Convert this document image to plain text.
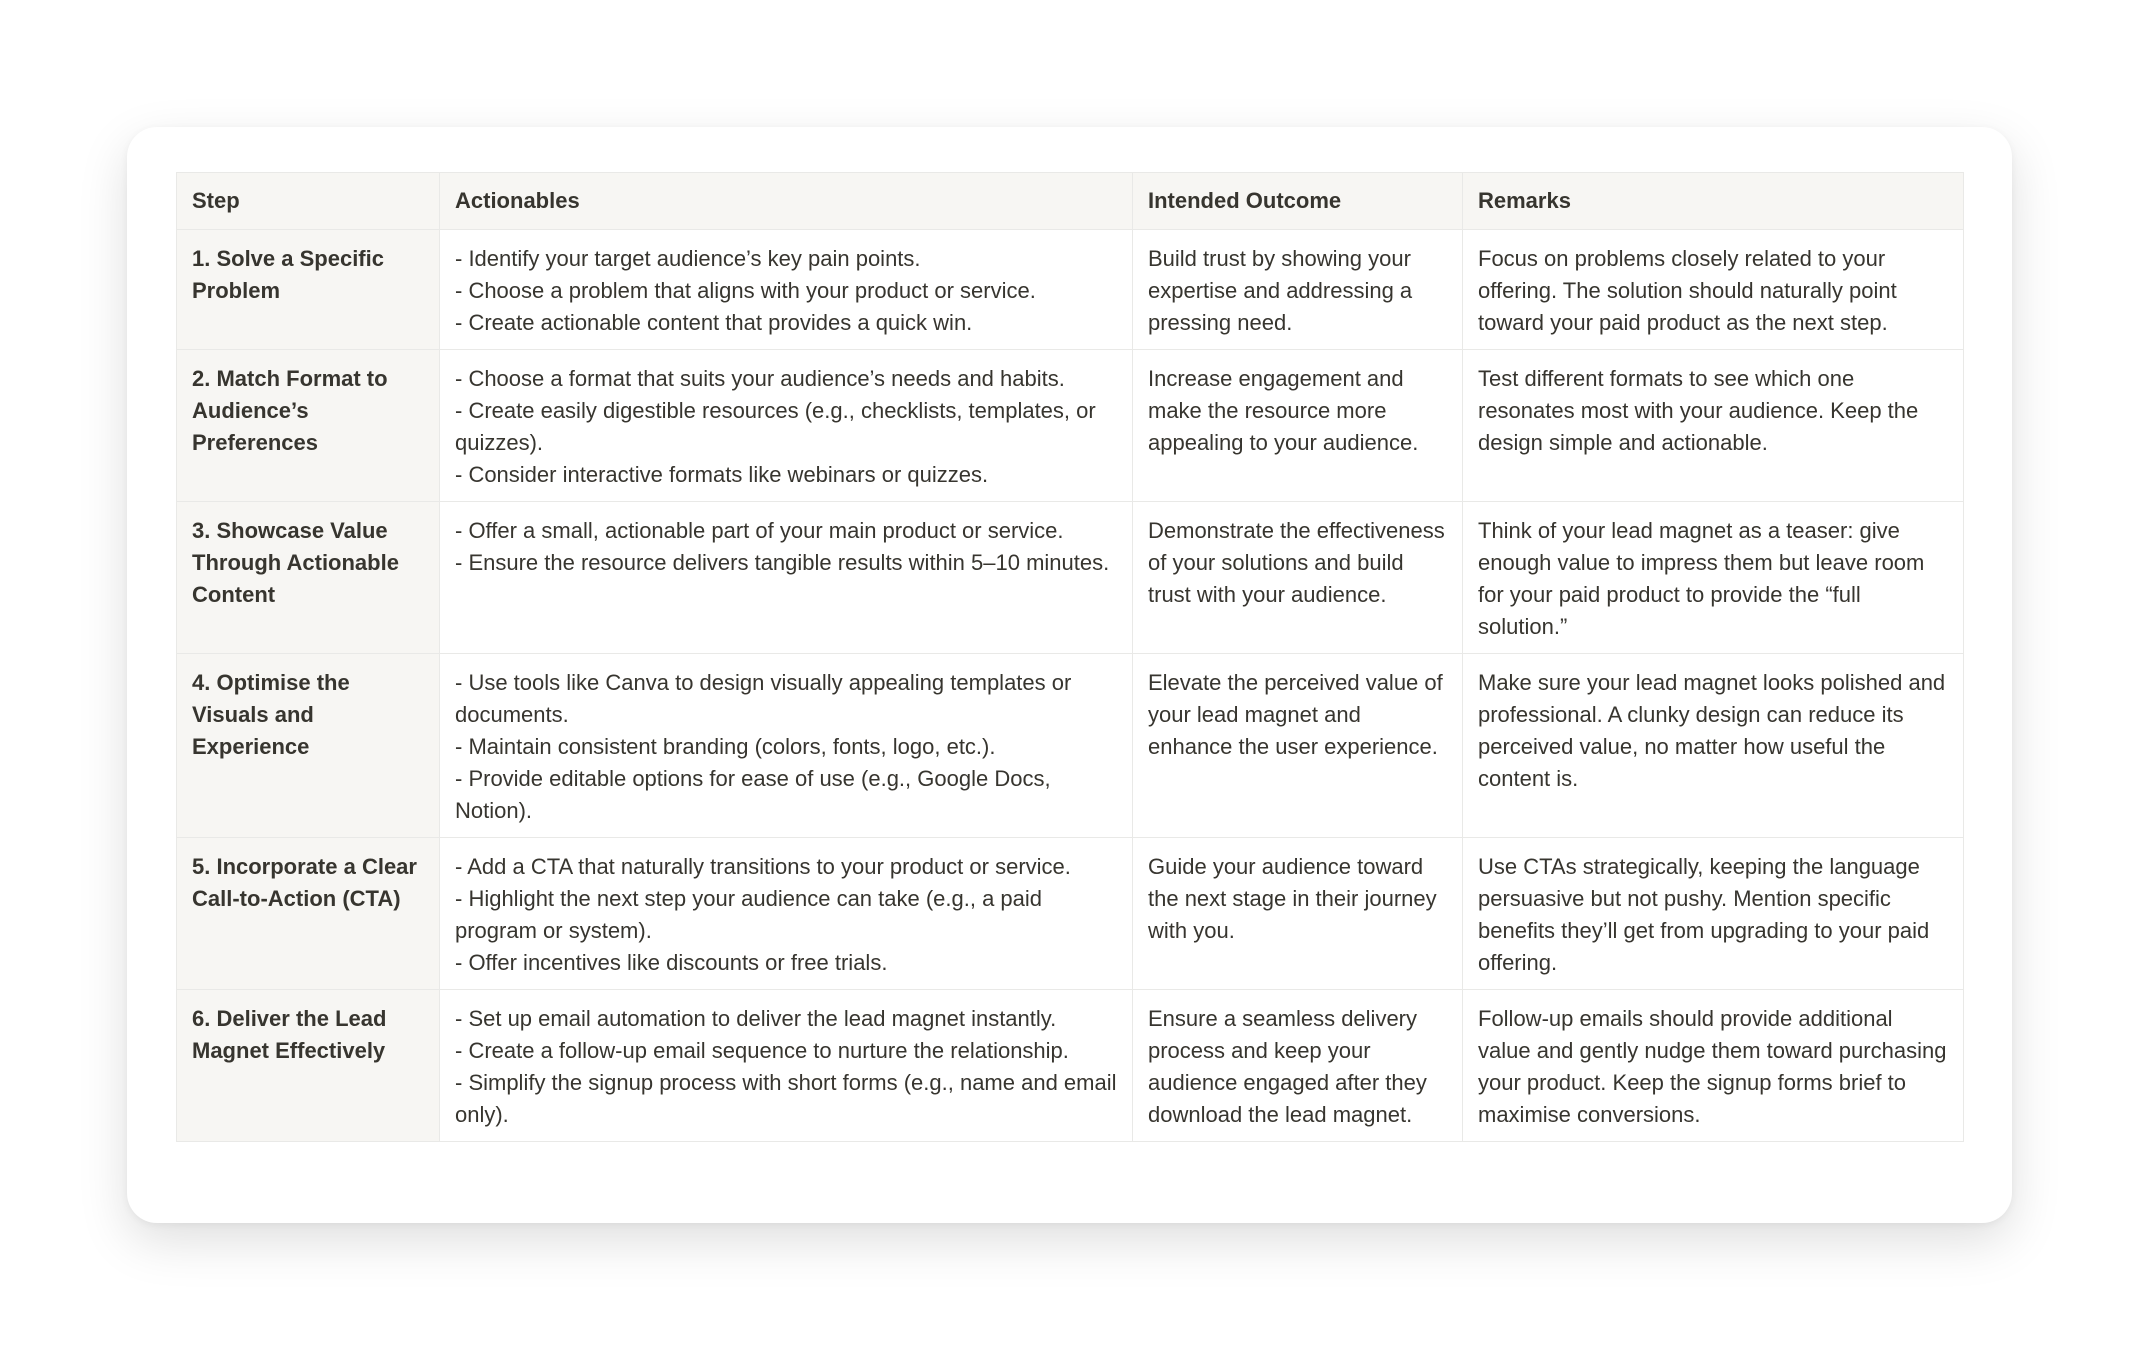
Step	Actionables	Intended Outcome	Remarks
1. Solve a Specific Problem	- Identify your target audience’s key pain points.
- Choose a problem that aligns with your product or service.
- Create actionable content that provides a quick win.	Build trust by showing your expertise and addressing a pressing need.	Focus on problems closely related to your offering. The solution should naturally point toward your paid product as the next step.
2. Match Format to Audience’s Preferences	- Choose a format that suits your audience’s needs and habits.
- Create easily digestible resources (e.g., checklists, templates, or quizzes).
- Consider interactive formats like webinars or quizzes.	Increase engagement and make the resource more appealing to your audience.	Test different formats to see which one resonates most with your audience. Keep the design simple and actionable.
3. Showcase Value Through Actionable Content	- Offer a small, actionable part of your main product or service.
- Ensure the resource delivers tangible results within 5–10 minutes.	Demonstrate the effectiveness of your solutions and build trust with your audience.	Think of your lead magnet as a teaser: give enough value to impress them but leave room for your paid product to provide the “full solution.”
4. Optimise the Visuals and Experience	- Use tools like Canva to design visually appealing templates or documents.
- Maintain consistent branding (colors, fonts, logo, etc.).
- Provide editable options for ease of use (e.g., Google Docs, Notion).	Elevate the perceived value of your lead magnet and enhance the user experience.	Make sure your lead magnet looks polished and professional. A clunky design can reduce its perceived value, no matter how useful the content is.
5. Incorporate a Clear Call-to-Action (CTA)	- Add a CTA that naturally transitions to your product or service.
- Highlight the next step your audience can take (e.g., a paid program or system).
- Offer incentives like discounts or free trials.	Guide your audience toward the next stage in their journey with you.	Use CTAs strategically, keeping the language persuasive but not pushy. Mention specific benefits they’ll get from upgrading to your paid offering.
6. Deliver the Lead Magnet Effectively	- Set up email automation to deliver the lead magnet instantly.
- Create a follow-up email sequence to nurture the relationship.
- Simplify the signup process with short forms (e.g., name and email only).	Ensure a seamless delivery process and keep your audience engaged after they download the lead magnet.	Follow-up emails should provide additional value and gently nudge them toward purchasing your product. Keep the signup forms brief to maximise conversions.
